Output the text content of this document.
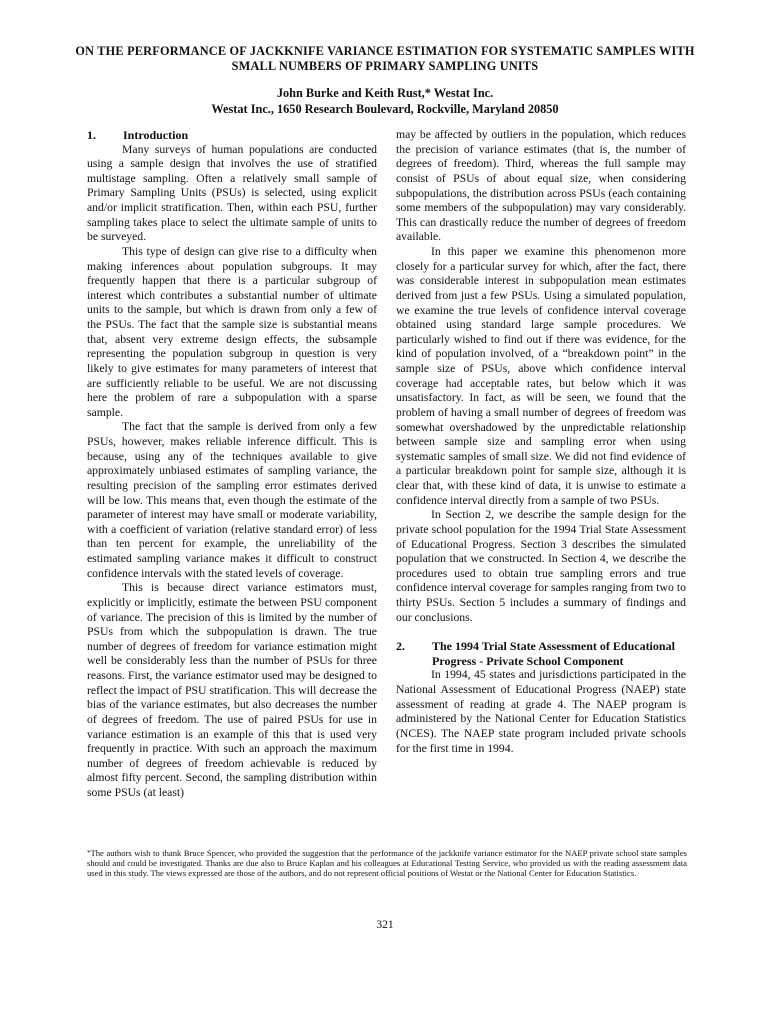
ON THE PERFORMANCE OF JACKKNIFE VARIANCE ESTIMATION FOR SYSTEMATIC SAMPLES WITH SMALL NUMBERS OF PRIMARY SAMPLING UNITS
John Burke and Keith Rust,* Westat Inc.
Westat Inc., 1650 Research Boulevard, Rockville, Maryland 20850
1.	Introduction

Many surveys of human populations are conducted using a sample design that involves the use of stratified multistage sampling. Often a relatively small sample of Primary Sampling Units (PSUs) is selected, using explicit and/or implicit stratification. Then, within each PSU, further sampling takes place to select the ultimate sample of units to be surveyed.

This type of design can give rise to a difficulty when making inferences about population subgroups. It may frequently happen that there is a particular subgroup of interest which contributes a substantial number of ultimate units to the sample, but which is drawn from only a few of the PSUs. The fact that the sample size is substantial means that, absent very extreme design effects, the subsample representing the population subgroup in question is very likely to give estimates for many parameters of interest that are sufficiently reliable to be useful. We are not discussing here the problem of rare a subpopulation with a sparse sample.

The fact that the sample is derived from only a few PSUs, however, makes reliable inference difficult. This is because, using any of the techniques available to give approximately unbiased estimates of sampling variance, the resulting precision of the sampling error estimates derived will be low. This means that, even though the estimate of the parameter of interest may have small or moderate variability, with a coefficient of variation (relative standard error) of less than ten percent for example, the unreliability of the estimated sampling variance makes it difficult to construct confidence intervals with the stated levels of coverage.

This is because direct variance estimators must, explicitly or implicitly, estimate the between PSU component of variance. The precision of this is limited by the number of PSUs from which the subpopulation is drawn. The true number of degrees of freedom for variance estimation might well be considerably less than the number of PSUs for three reasons. First, the variance estimator used may be designed to reflect the impact of PSU stratification. This will decrease the bias of the variance estimates, but also decreases the number of degrees of freedom. The use of paired PSUs for use in variance estimation is an example of this that is used very frequently in practice. With such an approach the maximum number of degrees of freedom achievable is reduced by almost fifty percent. Second, the sampling distribution within some PSUs (at least)

may be affected by outliers in the population, which reduces the precision of variance estimates (that is, the number of degrees of freedom). Third, whereas the full sample may consist of PSUs of about equal size, when considering subpopulations, the distribution across PSUs (each containing some members of the subpopulation) may vary considerably. This can drastically reduce the number of degrees of freedom available.

In this paper we examine this phenomenon more closely for a particular survey for which, after the fact, there was considerable interest in subpopulation mean estimates derived from just a few PSUs. Using a simulated population, we examine the true levels of confidence interval coverage obtained using standard large sample procedures. We particularly wished to find out if there was evidence, for the kind of population involved, of a “breakdown point” in the sample size of PSUs, above which confidence interval coverage had acceptable rates, but below which it was unsatisfactory. In fact, as will be seen, we found that the problem of having a small number of degrees of freedom was somewhat overshadowed by the unpredictable relationship between sample size and sampling error when using systematic samples of small size. We did not find evidence of a particular breakdown point for sample size, although it is clear that, with these kind of data, it is unwise to estimate a confidence interval directly from a sample of two PSUs.

In Section 2, we describe the sample design for the private school population for the 1994 Trial State Assessment of Educational Progress. Section 3 describes the simulated population that we constructed. In Section 4, we describe the procedures used to obtain true sampling errors and true confidence interval coverage for samples ranging from two to thirty PSUs. Section 5 includes a summary of findings and our conclusions.

2.	The 1994 Trial State Assessment of Educational Progress - Private School Component

In 1994, 45 states and jurisdictions participated in the National Assessment of Educational Progress (NAEP) state assessment of reading at grade 4. The NAEP program is administered by the National Center for Education Statistics (NCES). The NAEP state program included private schools for the first time in 1994.

*The authors wish to thank Bruce Spencer, who provided the suggestion that the performance of the jackknife variance estimator for the NAEP private school state samples should and could be investigated. Thanks are due also to Bruce Kaplan and his colleagues at Educational Testing Service, who provided us with the reading assessment data used in this study. The views expressed are those of the authors, and do not represent official positions of Westat or the National Center for Education Statistics.
321
